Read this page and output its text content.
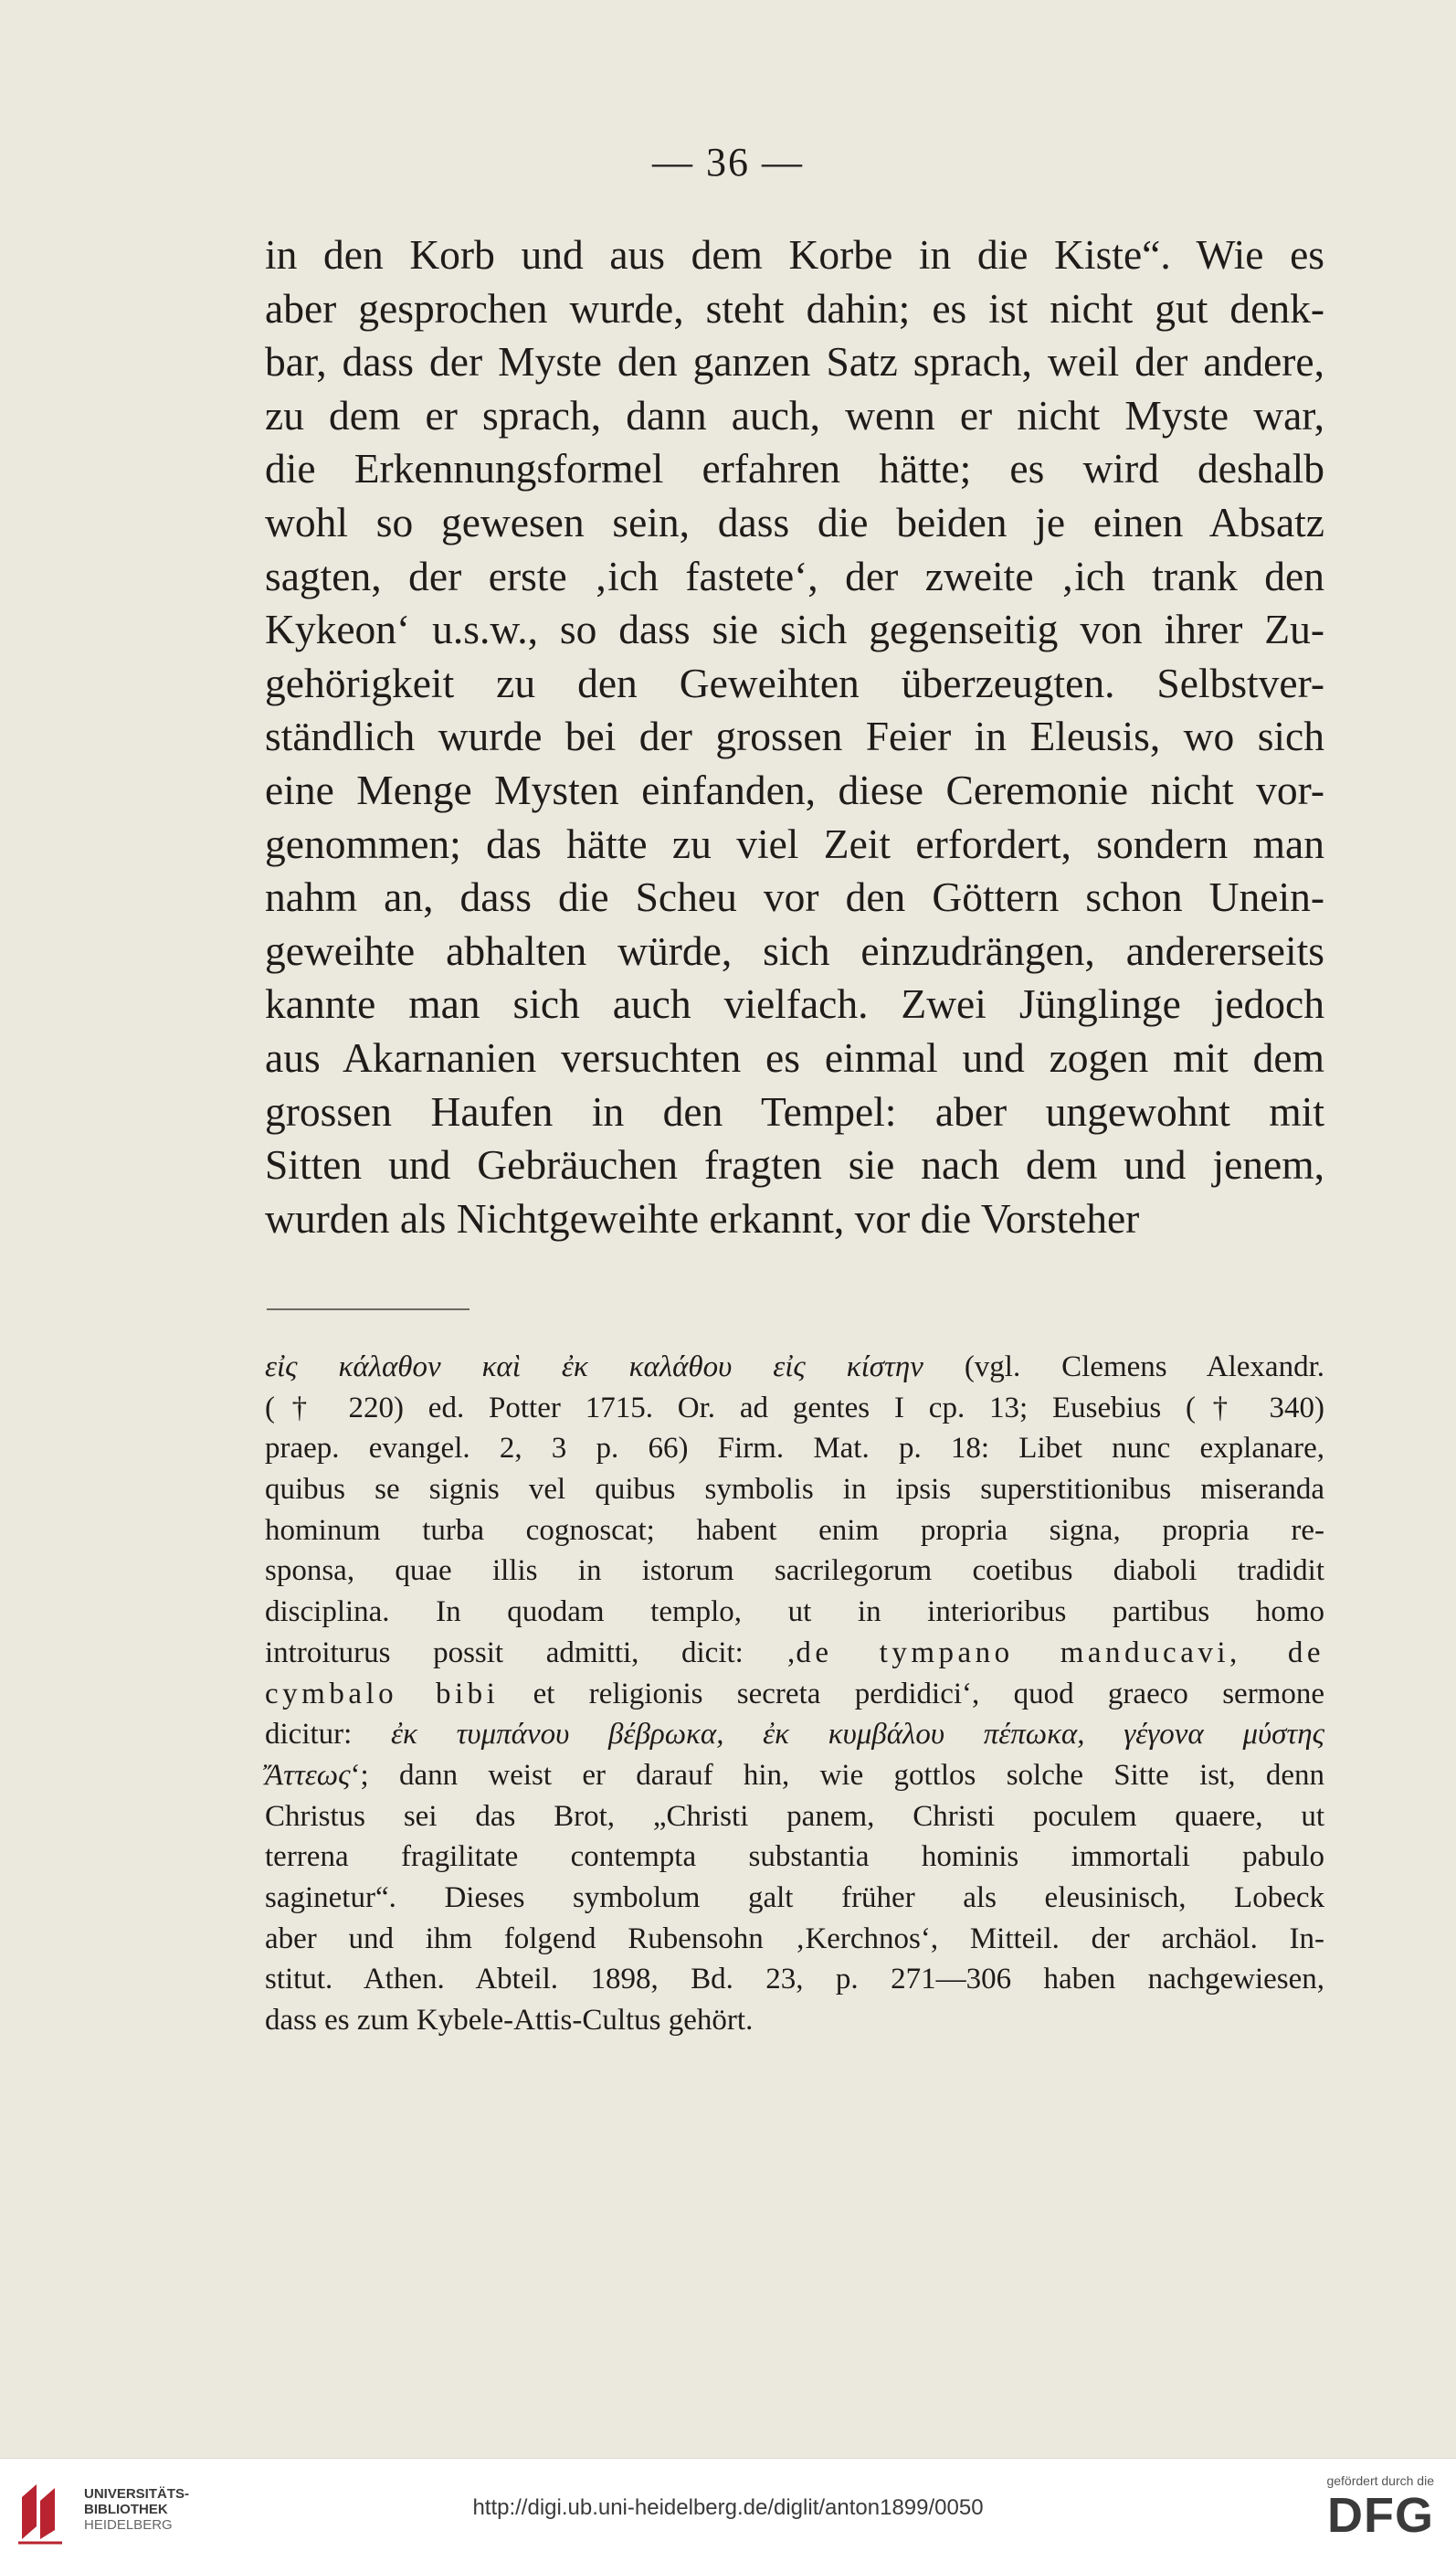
— 36 —
in den Korb und aus dem Korbe in die Kiste“. Wie es
aber gesprochen wurde, steht dahin; es ist nicht gut denk-
bar, dass der Myste den ganzen Satz sprach, weil der andere,
zu dem er sprach, dann auch, wenn er nicht Myste war,
die Erkennungsformel erfahren hätte; es wird deshalb
wohl so gewesen sein, dass die beiden je einen Absatz
sagten, der erste ‚ich fastete‘, der zweite ‚ich trank den
Kykeon‘ u.s.w., so dass sie sich gegenseitig von ihrer Zu-
gehörigkeit zu den Geweihten überzeugten. Selbstver-
ständlich wurde bei der grossen Feier in Eleusis, wo sich
eine Menge Mysten einfanden, diese Ceremonie nicht vor-
genommen; das hätte zu viel Zeit erfordert, sondern man
nahm an, dass die Scheu vor den Göttern schon Unein-
geweihte abhalten würde, sich einzudrängen, andererseits
kannte man sich auch vielfach. Zwei Jünglinge jedoch
aus Akarnanien versuchten es einmal und zogen mit dem
grossen Haufen in den Tempel: aber ungewohnt mit
Sitten und Gebräuchen fragten sie nach dem und jenem,
wurden als Nichtgeweihte erkannt, vor die Vorsteher
εἰς κάλαθον καὶ ἐκ καλάθου εἰς κίστην (vgl. Clemens Alexandr.
(† 220) ed. Potter 1715. Or. ad gentes I cp. 13; Eusebius († 340)
praep. evangel. 2, 3 p. 66) Firm. Mat. p. 18: Libet nunc explanare,
quibus se signis vel quibus symbolis in ipsis superstitionibus miseranda
hominum turba cognoscat; habent enim propria signa, propria re-
sponsa, quae illis in istorum sacrilegorum coetibus diaboli tradidit
disciplina. In quodam templo, ut in interioribus partibus homo
introiturus possit admitti, dicit: ‚de tympano manducavi, de
cymbalo bibi et religionis secreta perdidici‘, quod graeco sermone
dicitur: ἐκ τυμπάνου βέβρωκα, ἐκ κυμβάλου πέπωκα, γέγονα μύστης
Ἄττεως‘; dann weist er darauf hin, wie gottlos solche Sitte ist, denn
Christus sei das Brot, „Christi panem, Christi poculem quaere, ut
terrena fragilitate contempta substantia hominis immortali pabulo
saginetur“. Dieses symbolum galt früher als eleusinisch, Lobeck
aber und ihm folgend Rubensohn ‚Kerchnos‘, Mitteil. der archäol. In-
stitut. Athen. Abteil. 1898, Bd. 23, p. 271—306 haben nachgewiesen,
dass es zum Kybele-Attis-Cultus gehört.
UNIVERSITÄTS-
BIBLIOTHEK
HEIDELBERG
http://digi.ub.uni-heidelberg.de/diglit/anton1899/0050
gefördert durch die
DFG
